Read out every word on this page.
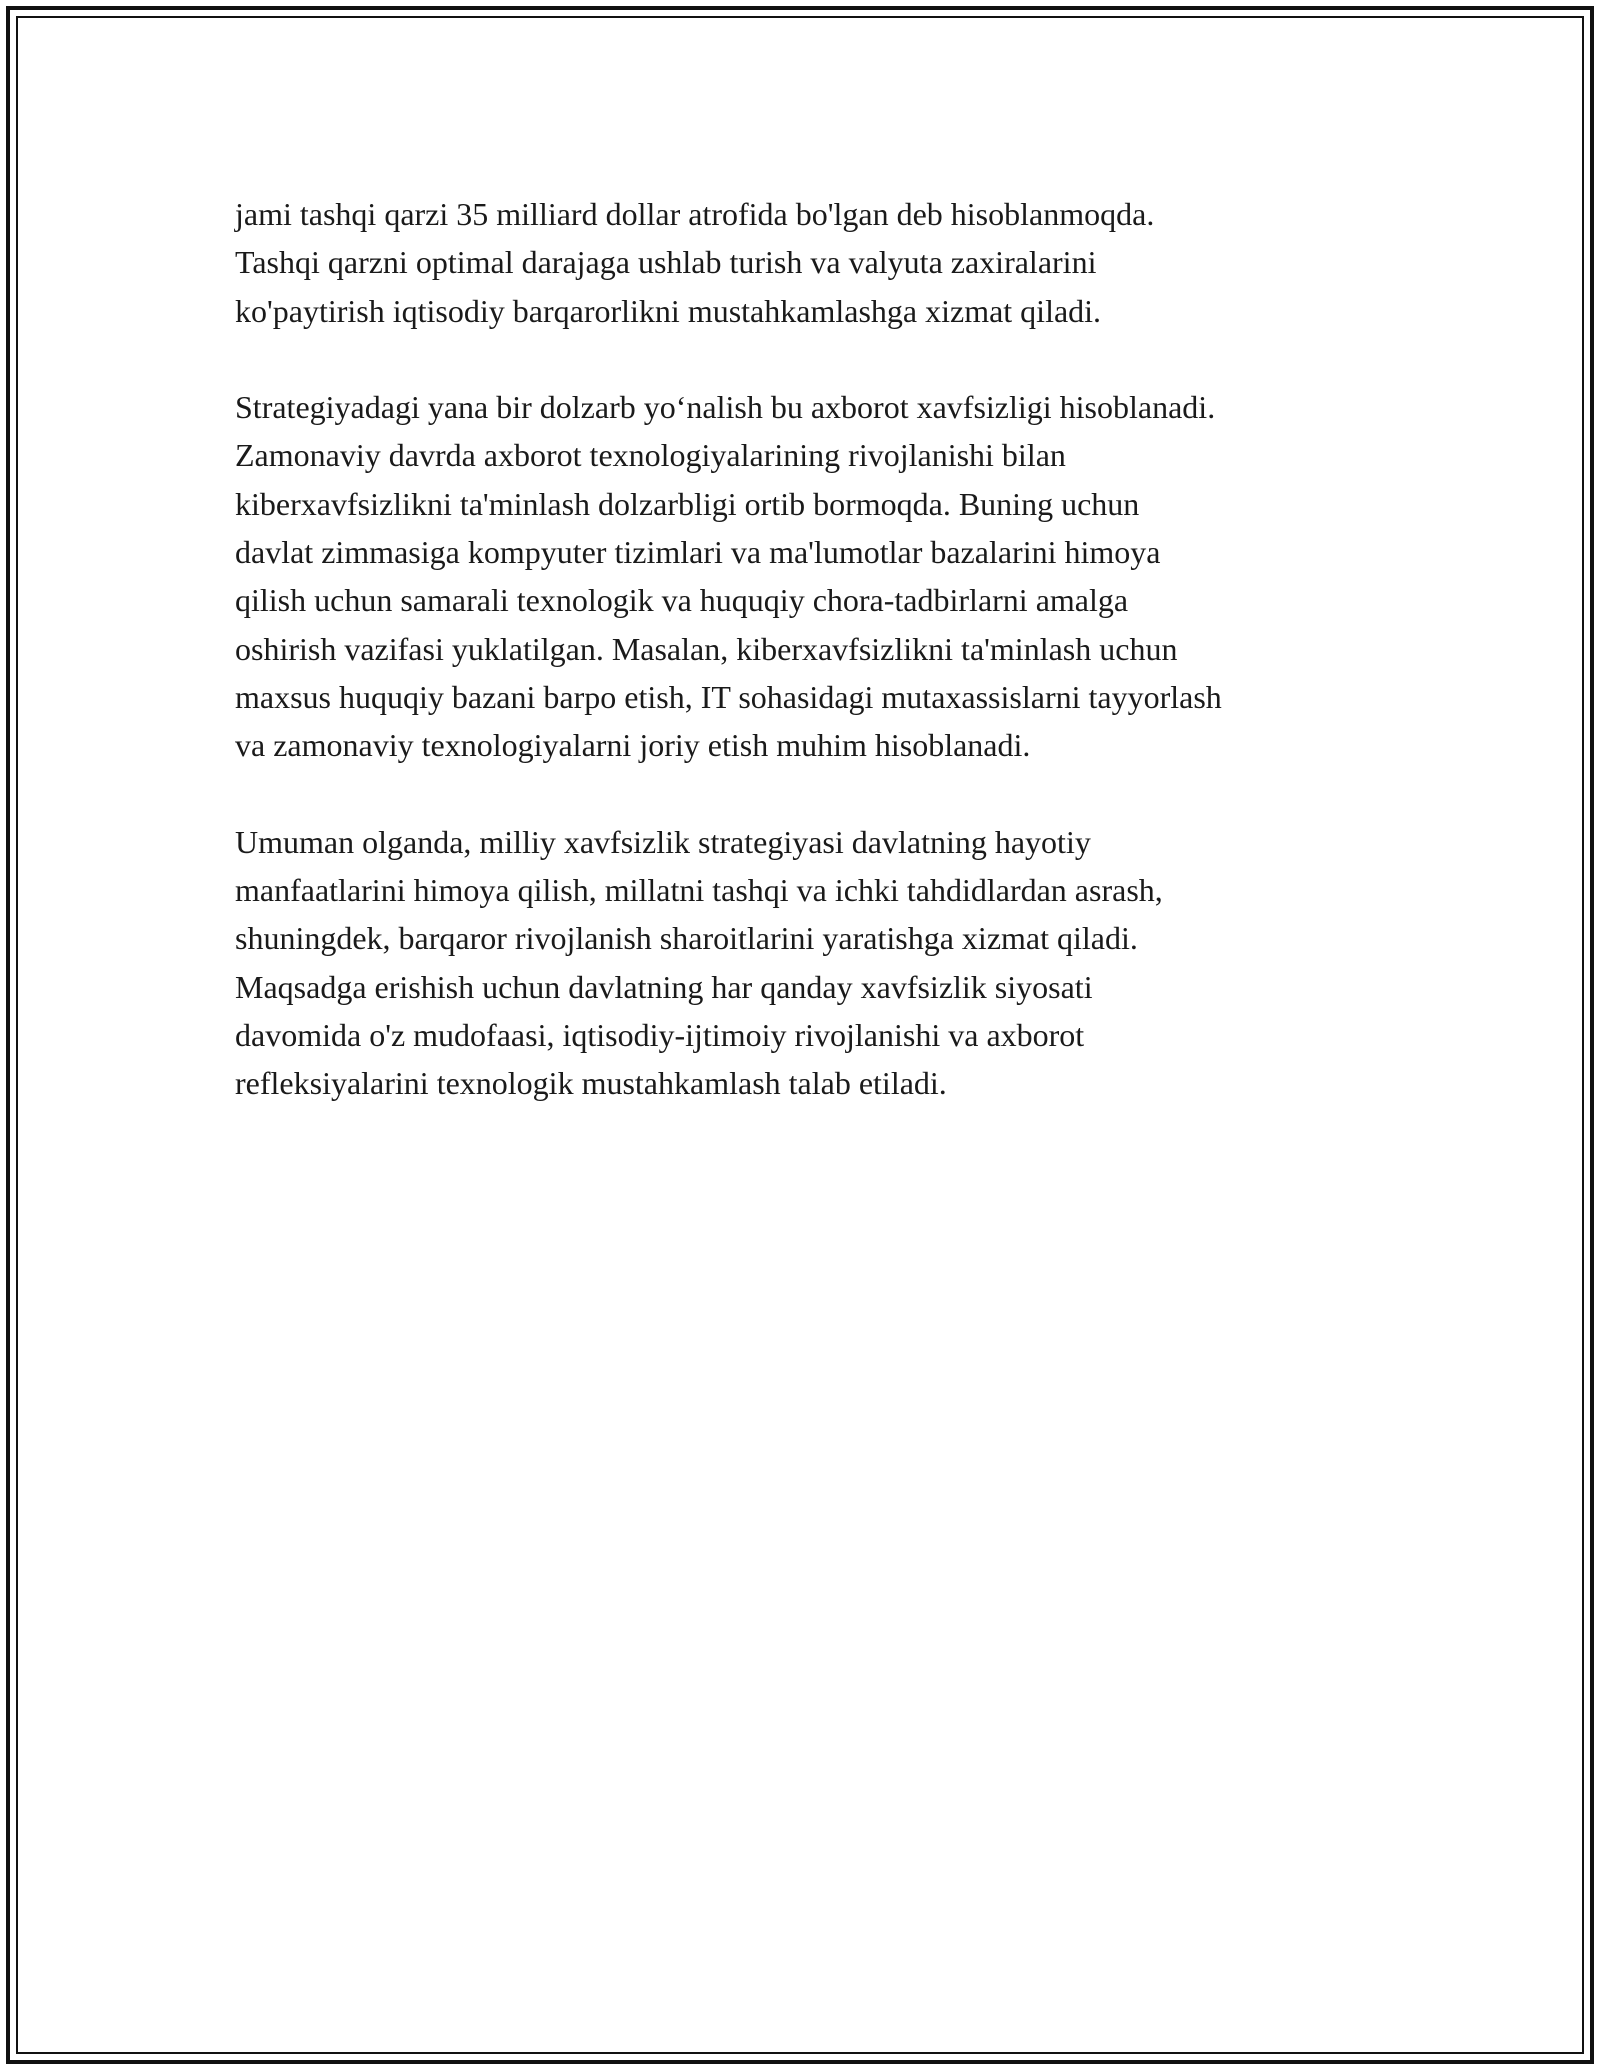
jami tashqi qarzi 35 milliard dollar atrofida bo'lgan deb hisoblanmoqda.
Tashqi qarzni optimal darajaga ushlab turish va valyuta zaxiralarini
ko'paytirish iqtisodiy barqarorlikni mustahkamlashga xizmat qiladi.

Strategiyadagi yana bir dolzarb yo‘nalish bu axborot xavfsizligi hisoblanadi.
Zamonaviy davrda axborot texnologiyalarining rivojlanishi bilan
kiberxavfsizlikni ta'minlash dolzarbligi ortib bormoqda. Buning uchun
davlat zimmasiga kompyuter tizimlari va ma'lumotlar bazalarini himoya
qilish uchun samarali texnologik va huquqiy chora-tadbirlarni amalga
oshirish vazifasi yuklatilgan. Masalan, kiberxavfsizlikni ta'minlash uchun
maxsus huquqiy bazani barpo etish, IT sohasidagi mutaxassislarni tayyorlash
va zamonaviy texnologiyalarni joriy etish muhim hisoblanadi.

Umuman olganda, milliy xavfsizlik strategiyasi davlatning hayotiy
manfaatlarini himoya qilish, millatni tashqi va ichki tahdidlardan asrash,
shuningdek, barqaror rivojlanish sharoitlarini yaratishga xizmat qiladi.
Maqsadga erishish uchun davlatning har qanday xavfsizlik siyosati
davomida o'z mudofaasi, iqtisodiy-ijtimoiy rivojlanishi va axborot
refleksiyalarini texnologik mustahkamlash talab etiladi.
